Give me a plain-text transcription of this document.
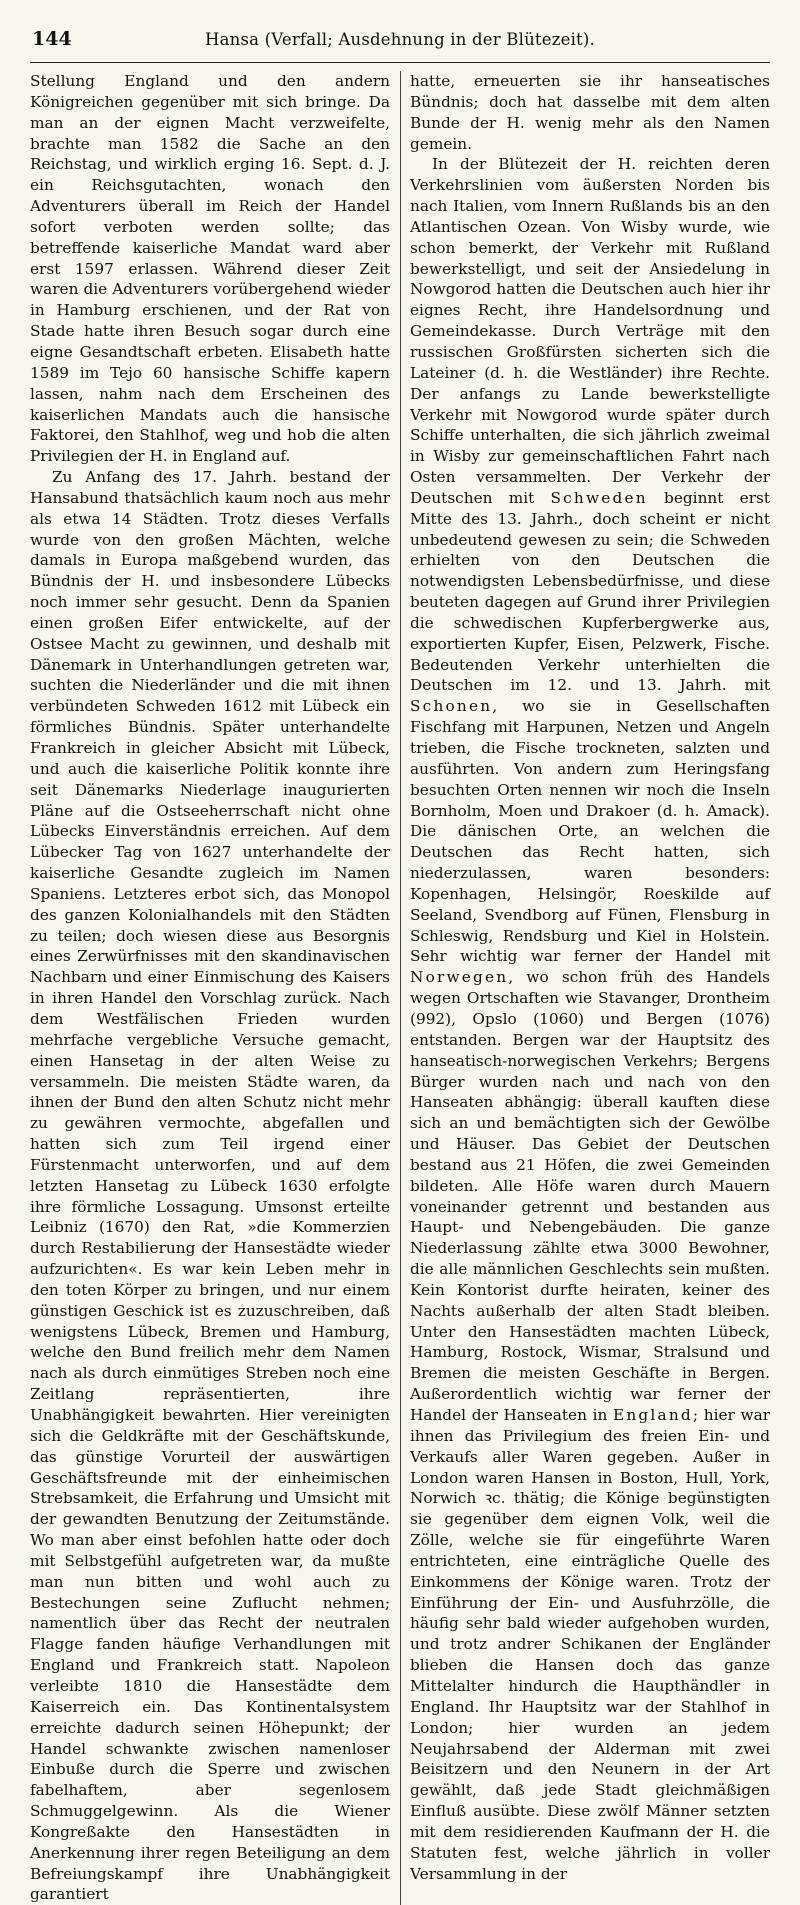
144	Hansa (Verfall; Ausdehnung in der Blütezeit).

Stellung England und den andern Königreichen gegenüber mit sich bringe. Da man an der eignen Macht verzweifelte, brachte man 1582 die Sache an den Reichstag, und wirklich erging 16. Sept. d. J. ein Reichsgutachten, wonach den Adventurers überall im Reich der Handel sofort verboten werden sollte; das betreffende kaiserliche Mandat ward aber erst 1597 erlassen. Während dieser Zeit waren die Adventurers vorübergehend wieder in Hamburg erschienen, und der Rat von Stade hatte ihren Besuch sogar durch eine eigne Gesandtschaft erbeten. Elisabeth hatte 1589 im Tejo 60 hansische Schiffe kapern lassen, nahm nach dem Erscheinen des kaiserlichen Mandats auch die hansische Faktorei, den Stahlhof, weg und hob die alten Privilegien der H. in England auf.

Zu Anfang des 17. Jahrh. bestand der Hansabund thatsächlich kaum noch aus mehr als etwa 14 Städten. Trotz dieses Verfalls wurde von den großen Mächten, welche damals in Europa maßgebend wurden, das Bündnis der H. und insbesondere Lübecks noch immer sehr gesucht. Denn da Spanien einen großen Eifer entwickelte, auf der Ostsee Macht zu gewinnen, und deshalb mit Dänemark in Unterhandlungen getreten war, suchten die Niederländer und die mit ihnen verbündeten Schweden 1612 mit Lübeck ein förmliches Bündnis. Später unterhandelte Frankreich in gleicher Absicht mit Lübeck, und auch die kaiserliche Politik konnte ihre seit Dänemarks Niederlage inaugurierten Pläne auf die Ostseeherrschaft nicht ohne Lübecks Einverständnis erreichen. Auf dem Lübecker Tag von 1627 unterhandelte der kaiserliche Gesandte zugleich im Namen Spaniens. Letzteres erbot sich, das Monopol des ganzen Kolonialhandels mit den Städten zu teilen; doch wiesen diese aus Besorgnis eines Zerwürfnisses mit den skandinavischen Nachbarn und einer Einmischung des Kaisers in ihren Handel den Vorschlag zurück. Nach dem Westfälischen Frieden wurden mehrfache vergebliche Versuche gemacht, einen Hansetag in der alten Weise zu versammeln. Die meisten Städte waren, da ihnen der Bund den alten Schutz nicht mehr zu gewähren vermochte, abgefallen und hatten sich zum Teil irgend einer Fürstenmacht unterworfen, und auf dem letzten Hansetag zu Lübeck 1630 erfolgte ihre förmliche Lossagung. Umsonst erteilte Leibniz (1670) den Rat, »die Kommerzien durch Restabilierung der Hansestädte wieder aufzurichten«. Es war kein Leben mehr in den toten Körper zu bringen, und nur einem günstigen Geschick ist es zuzuschreiben, daß wenigstens Lübeck, Bremen und Hamburg, welche den Bund freilich mehr dem Namen nach als durch einmütiges Streben noch eine Zeitlang repräsentierten, ihre Unabhängigkeit bewahrten. Hier vereinigten sich die Geldkräfte mit der Geschäftskunde, das günstige Vorurteil der auswärtigen Geschäftsfreunde mit der einheimischen Strebsamkeit, die Erfahrung und Umsicht mit der gewandten Benutzung der Zeitumstände. Wo man aber einst befohlen hatte oder doch mit Selbstgefühl aufgetreten war, da mußte man nun bitten und wohl auch zu Bestechungen seine Zuflucht nehmen; namentlich über das Recht der neutralen Flagge fanden häufige Verhandlungen mit England und Frankreich statt. Napoleon verleibte 1810 die Hansestädte dem Kaiserreich ein. Das Kontinentalsystem erreichte dadurch seinen Höhepunkt; der Handel schwankte zwischen namenloser Einbuße durch die Sperre und zwischen fabelhaftem, aber segenlosem Schmuggelgewinn. Als die Wiener Kongreßakte den Hansestädten in Anerkennung ihrer regen Beteiligung an dem Befreiungskampf ihre Unabhängigkeit garantiert

hatte, erneuerten sie ihr hanseatisches Bündnis; doch hat dasselbe mit dem alten Bunde der H. wenig mehr als den Namen gemein.

In der Blütezeit der H. reichten deren Verkehrslinien vom äußersten Norden bis nach Italien, vom Innern Rußlands bis an den Atlantischen Ozean. Von Wisby wurde, wie schon bemerkt, der Verkehr mit Rußland bewerkstelligt, und seit der Ansiedelung in Nowgorod hatten die Deutschen auch hier ihr eignes Recht, ihre Handelsordnung und Gemeindekasse. Durch Verträge mit den russischen Großfürsten sicherten sich die Lateiner (d. h. die Westländer) ihre Rechte. Der anfangs zu Lande bewerkstelligte Verkehr mit Nowgorod wurde später durch Schiffe unterhalten, die sich jährlich zweimal in Wisby zur gemeinschaftlichen Fahrt nach Osten versammelten. Der Verkehr der Deutschen mit Schweden beginnt erst Mitte des 13. Jahrh., doch scheint er nicht unbedeutend gewesen zu sein; die Schweden erhielten von den Deutschen die notwendigsten Lebensbedürfnisse, und diese beuteten dagegen auf Grund ihrer Privilegien die schwedischen Kupferbergwerke aus, exportierten Kupfer, Eisen, Pelzwerk, Fische. Bedeutenden Verkehr unterhielten die Deutschen im 12. und 13. Jahrh. mit Schonen, wo sie in Gesellschaften Fischfang mit Harpunen, Netzen und Angeln trieben, die Fische trockneten, salzten und ausführten. Von andern zum Heringsfang besuchten Orten nennen wir noch die Inseln Bornholm, Moen und Drakoer (d. h. Amack). Die dänischen Orte, an welchen die Deutschen das Recht hatten, sich niederzulassen, waren besonders: Kopenhagen, Helsingör, Roeskilde auf Seeland, Svendborg auf Fünen, Flensburg in Schleswig, Rendsburg und Kiel in Holstein. Sehr wichtig war ferner der Handel mit Norwegen, wo schon früh des Handels wegen Ortschaften wie Stavanger, Drontheim (992), Opslo (1060) und Bergen (1076) entstanden. Bergen war der Hauptsitz des hanseatisch-norwegischen Verkehrs; Bergens Bürger wurden nach und nach von den Hanseaten abhängig: überall kauften diese sich an und bemächtigten sich der Gewölbe und Häuser. Das Gebiet der Deutschen bestand aus 21 Höfen, die zwei Gemeinden bildeten. Alle Höfe waren durch Mauern voneinander getrennt und bestanden aus Haupt- und Nebengebäuden. Die ganze Niederlassung zählte etwa 3000 Bewohner, die alle männlichen Geschlechts sein mußten. Kein Kontorist durfte heiraten, keiner des Nachts außerhalb der alten Stadt bleiben. Unter den Hansestädten machten Lübeck, Hamburg, Rostock, Wismar, Stralsund und Bremen die meisten Geschäfte in Bergen. Außerordentlich wichtig war ferner der Handel der Hanseaten in England; hier war ihnen das Privilegium des freien Ein- und Verkaufs aller Waren gegeben. Außer in London waren Hansen in Boston, Hull, York, Norwich ꝛc. thätig; die Könige begünstigten sie gegenüber dem eignen Volk, weil die Zölle, welche sie für eingeführte Waren entrichteten, eine einträgliche Quelle des Einkommens der Könige waren. Trotz der Einführung der Ein- und Ausfuhrzölle, die häufig sehr bald wieder aufgehoben wurden, und trotz andrer Schikanen der Engländer blieben die Hansen doch das ganze Mittelalter hindurch die Haupthändler in England. Ihr Hauptsitz war der Stahlhof in London; hier wurden an jedem Neujahrsabend der Alderman mit zwei Beisitzern und den Neunern in der Art gewählt, daß jede Stadt gleichmäßigen Einfluß ausübte. Diese zwölf Männer setzten mit dem residierenden Kaufmann der H. die Statuten fest, welche jährlich in voller Versammlung in der
